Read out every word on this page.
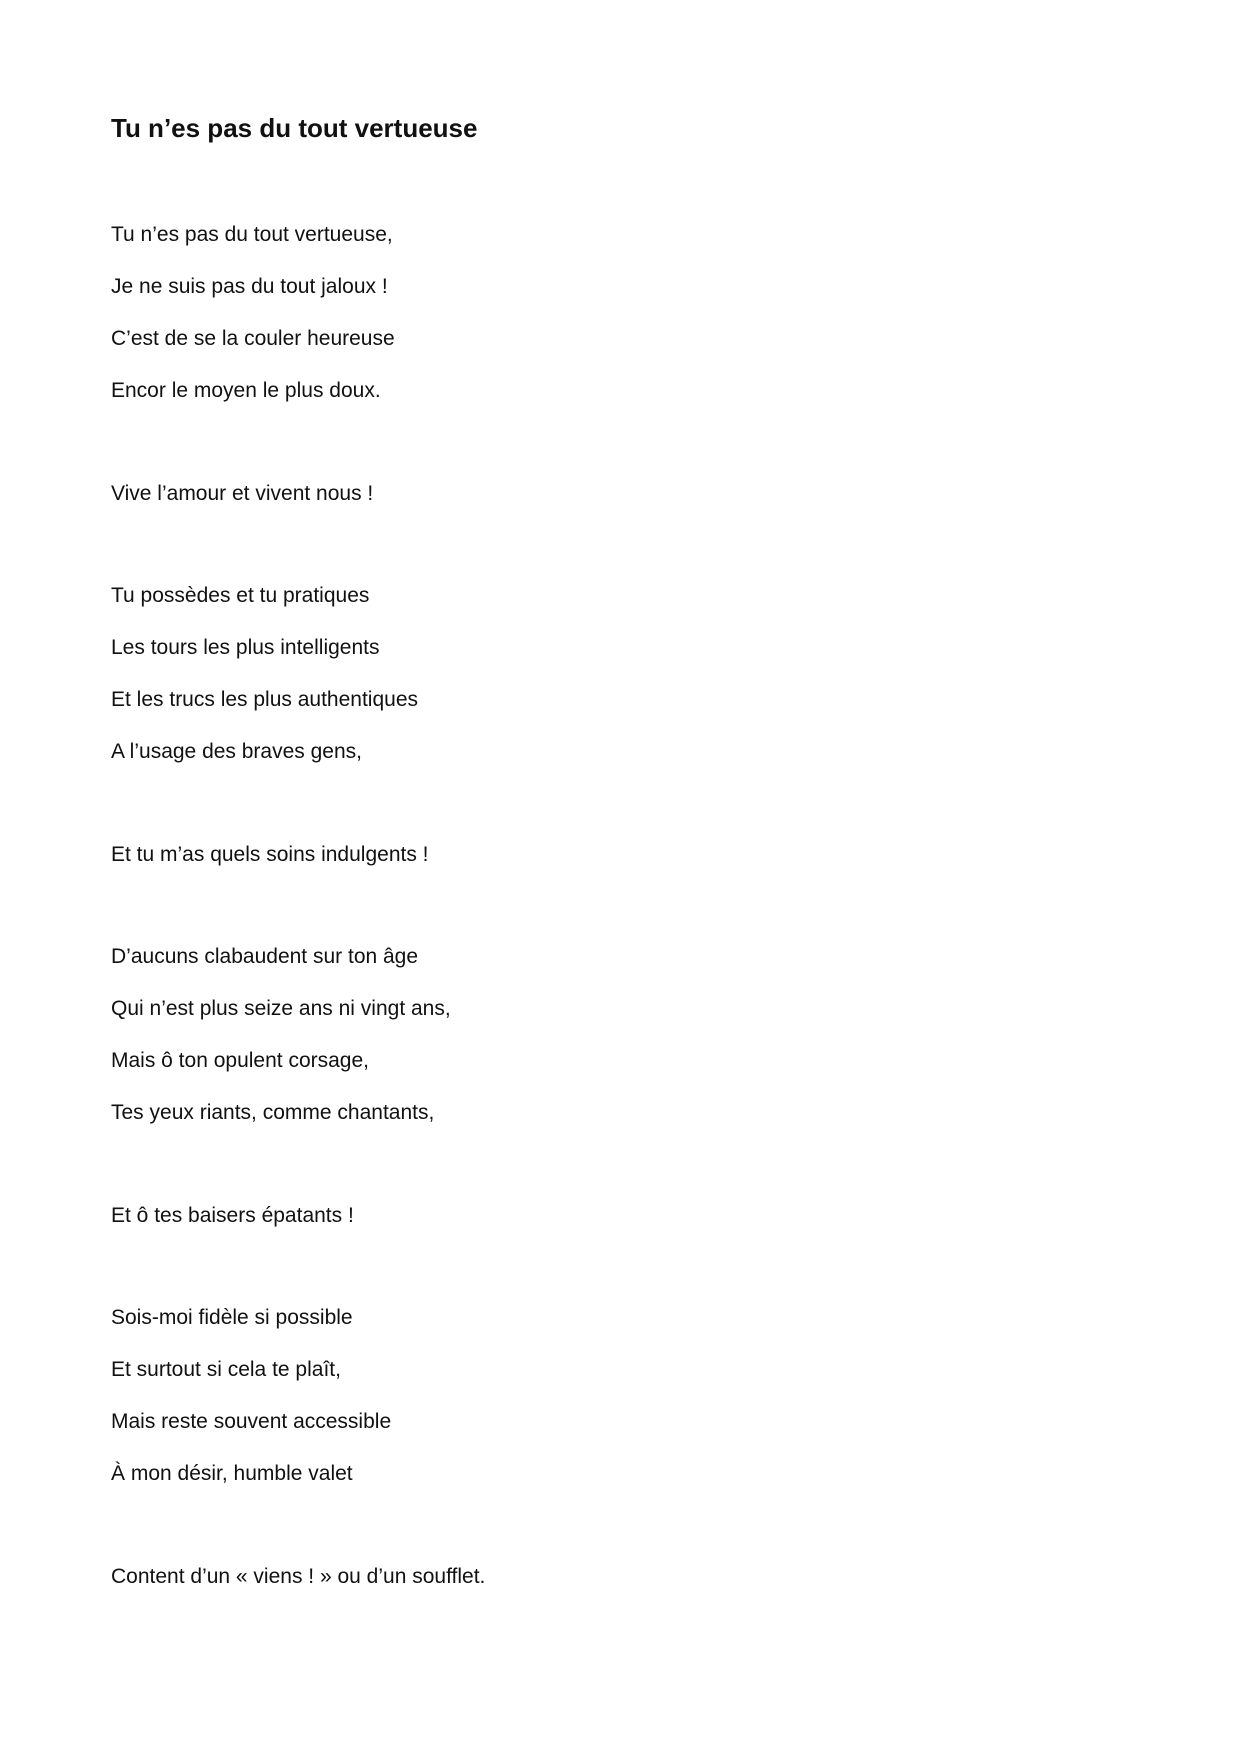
Tu n’es pas du tout vertueuse
Tu n’es pas du tout vertueuse,
Je ne suis pas du tout jaloux !
C’est de se la couler heureuse
Encor le moyen le plus doux.
Vive l’amour et vivent nous !
Tu possèdes et tu pratiques
Les tours les plus intelligents
Et les trucs les plus authentiques
A l’usage des braves gens,
Et tu m’as quels soins indulgents !
D’aucuns clabaudent sur ton âge
Qui n’est plus seize ans ni vingt ans,
Mais ô ton opulent corsage,
Tes yeux riants, comme chantants,
Et ô tes baisers épatants !
Sois-moi fidèle si possible
Et surtout si cela te plaît,
Mais reste souvent accessible
À mon désir, humble valet
Content d’un « viens ! » ou d’un soufflet.
